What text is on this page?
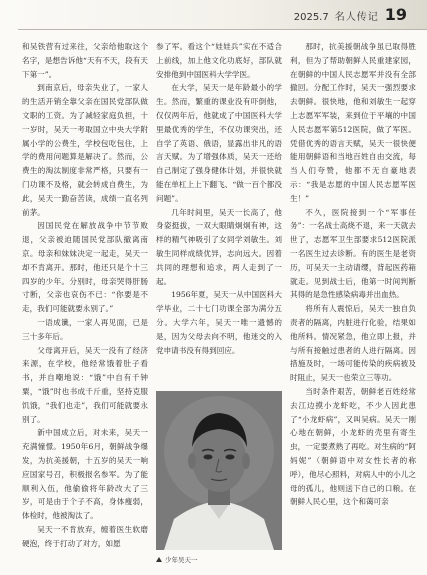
2025.7 名人传记 19

和吴铁营有过来往，父亲给他取这个名字，是想告诉他“天有不天，段有天下第一”。

到南京后，母亲失业了，一家人的生活开销全靠父亲在国民党部队做文职的工资。为了减轻家庭负担，十一岁时，吴天一考取国立中央大学附属小学的公费生，学校包吃包住，上学的费用问题算是解决了。然而，公费生的淘汰制度非常严格，只要有一门功课不及格，就会转成自费生，为此，吴天一勤奋苦读，成绩一直名列前茅。

因国民党在解放战争中节节败退，父亲被迫随国民党部队撤离南京。母亲和妹妹决定一起走，吴天一却不肯离开。那时，他还只是个十三四岁的少年。分别时，母亲哭得肝肠寸断，父亲也哀伤不已：“你要是不走，我们可能就要永别了。”

一语成谶，一家人再见面，已是三十多年后。

父母离开后，吴天一没有了经济来源，在学校，他经常饿着肚子看书，并自嘲地说：“饿”中自有千钟粟，“饿”时也书成千斤重，坚持克服饥饿，“我们也走”，我们可能就要永别了。

新中国成立后，对未来，吴天一充满憧憬。1950年6月，朝鲜战争爆发，为抗美援朝，十五岁的吴天一响应国家号召，积极报名参军。为了能顺利入伍，他偷偷将年龄改大了三岁，可是由于个子不高，身体瘦弱，体检时，他被淘汰了。

吴天一不肯放弃，缠着医生软磨硬泡，终于打动了对方，如愿

参了军。看这个“娃娃兵”实在不适合上前线，加上他文化功底好，部队就安排他到中国医科大学学医。

在大学，吴天一是年龄最小的学生。然而，繁重的课业没有吓倒他，仅仅两年后，他就成了中国医科大学里最优秀的学生，不仅功课突出，还自学了英语、俄语，显露出非凡的语言天赋。为了增强体质，吴天一还给自己制定了强身健体计划，并很快就能在单杠上上下翻飞、“做一百个都没问题”。

几年时间里，吴天一长高了，他身姿挺拔，一双大眼睛炯炯有神，这样的精气神吸引了女同学刘敏生。刘敏生同样成绩优异，志向远大。因着共同的理想和追求，两人走到了一起。

1956年夏，吴天一从中国医科大学毕业，二十七门功课全部为满分五分。大学六年，吴天一唯一遗憾的是，因为父母去向不明，他迷交的入党申请书没有得到回应。

那时，抗美援朝战争虽已取得胜利，但为了帮助朝鲜人民重建家园，在朝鲜的中国人民志愿军并没有全部撤回。分配工作时，吴天一强烈要求去朝鲜。很快地，他和刘敏生一起穿上志愿军军装，来到位于平壤的中国人民志愿军第512医院，做了军医。凭借优秀的语言天赋，吴天一很快便能用朝鲜语和当地百姓自由交流，每当人们夸赞，他都不无自豪地表示：“我是志愿的中国人民志愿军医生！”

不久，医院接到一个“军事任务”：一名战士高烧不退，来一天就去世了，志愿军卫生部要求512医院派一名医生过去诊断。有的医生是老资历，可吴天一主动请缨，背起医药箱就走。见到战士后，他第一时间判断其得的是急性感染病毒并出血热。

将所有人震惊后，吴天一独自负责者的隔离，内脏进行化验，结果如他所料。情况紧急，他立即上报，并与所有接触过患者的人进行隔离。因措施及时，一场可能传染的疾病被及时阻止，吴天一也荣立三等功。

当时条件艰苦，朝鲜老百姓经常去江边摸小龙虾吃，不少人因此患了“小龙虾病”，又叫吴病。吴天一刚心地在朝鲜，小龙虾的壳里有寄生虫，一定要煮熟了再吃。对生病的“阿妈妮”（朝鲜语中对女性长者的称呼），他尽心照料，对病人中的小儿之母的孤儿，他则送下自己的口粮。在朝鲜人民心里，这个和蔼可亲

少年吴天一
